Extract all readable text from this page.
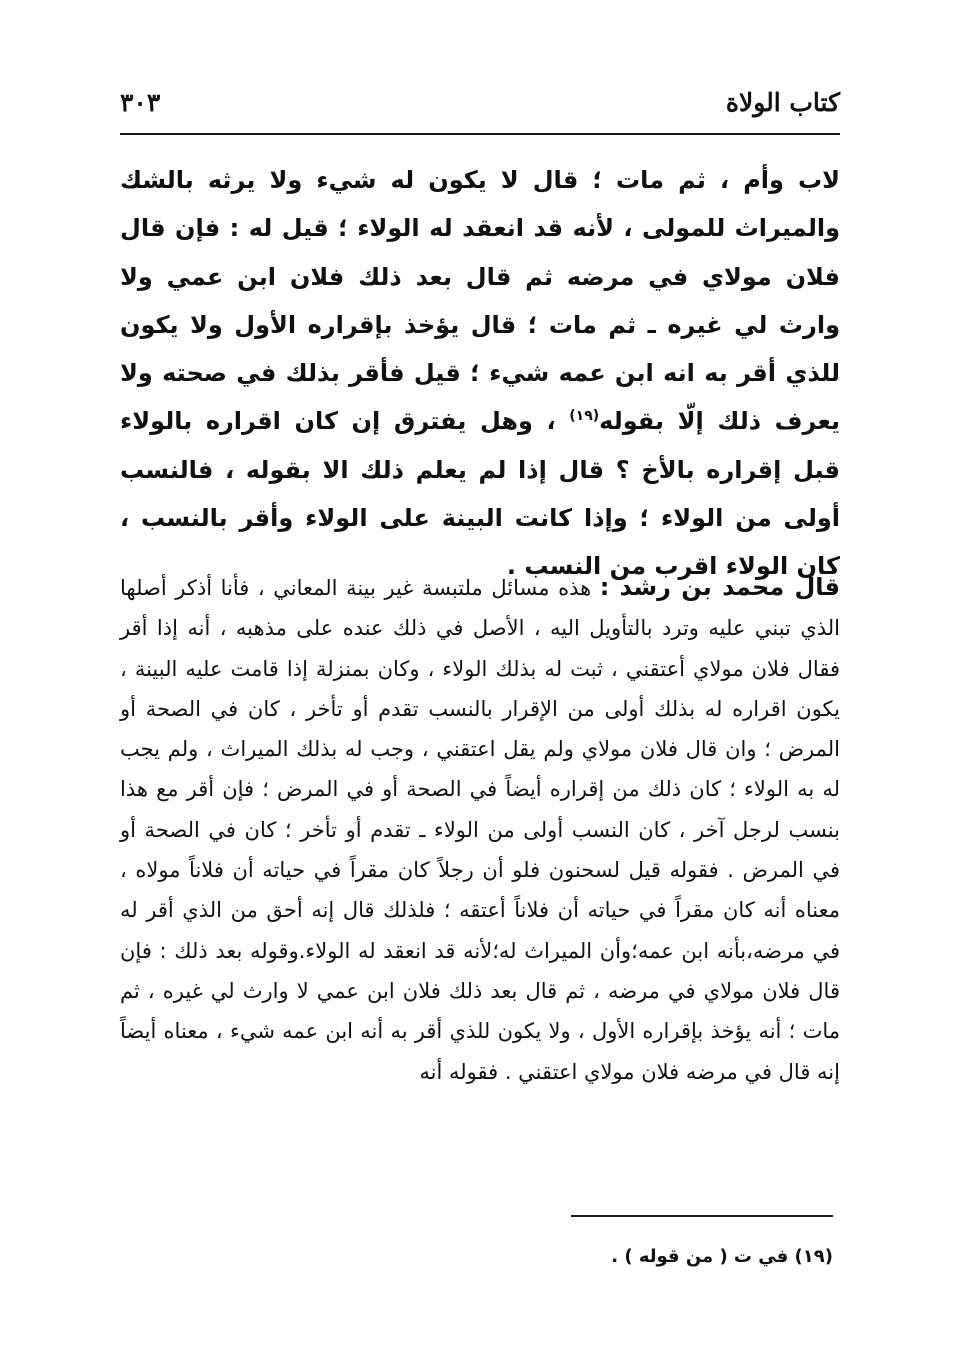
كتاب الولاة
٣٠٣

لاب وأم ، ثم مات ؛ قال لا يكون له شيء ولا يرثه بالشك والميراث للمولى ، لأنه قد انعقد له الولاء ؛ قيل له : فإن قال فلان مولاي في مرضه ثم قال بعد ذلك فلان ابن عمي ولا وارث لي غيره ـ ثم مات ؛ قال يؤخذ بإقراره الأول ولا يكون للذي أقر به انه ابن عمه شيء ؛ قيل فأقر بذلك في صحته ولا يعرف ذلك إلّا بقوله$^{(١٩)}$ ، وهل يفترق إن كان اقراره بالولاء قبل إقراره بالأخ ؟ قال إذا لم يعلم ذلك الا بقوله ، فالنسب أولى من الولاء ؛ وإذا كانت البينة على الولاء وأقر بالنسب ، كان الولاء اقرب من النسب .

قال محمد بن رشد : هذه مسائل ملتبسة غير بينة المعاني ، فأنا أذكر أصلها الذي تبني عليه وترد بالتأويل اليه ، الأصل في ذلك عنده على مذهبه ، أنه إذا أقر فقال فلان مولاي أعتقني ، ثبت له بذلك الولاء ، وكان بمنزلة إذا قامت عليه البينة ، يكون اقراره له بذلك أولى من الإقرار بالنسب تقدم أو تأخر ، كان في الصحة أو المرض ؛ وان قال فلان مولاي ولم يقل اعتقني ، وجب له بذلك الميراث ، ولم يجب له به الولاء ؛ كان ذلك من إقراره أيضاً في الصحة أو في المرض ؛ فإن أقر مع هذا بنسب لرجل آخر ، كان النسب أولى من الولاء ـ تقدم أو تأخر ؛ كان في الصحة أو في المرض . فقوله قيل لسحنون فلو أن رجلاً كان مقراً في حياته أن فلاناً مولاه ، معناه أنه كان مقراً في حياته أن فلاناً أعتقه ؛ فلذلك قال إنه أحق من الذي أقر له في مرضه،بأنه ابن عمه؛وأن الميراث له؛لأنه قد انعقد له الولاء.وقوله بعد ذلك : فإن قال فلان مولاي في مرضه ، ثم قال بعد ذلك فلان ابن عمي لا وارث لي غيره ، ثم مات ؛ أنه يؤخذ بإقراره الأول ، ولا يكون للذي أقر به أنه ابن عمه شيء ، معناه أيضاً إنه قال في مرضه فلان مولاي اعتقني . فقوله أنه

(١٩) في ت ( من قوله ) .
